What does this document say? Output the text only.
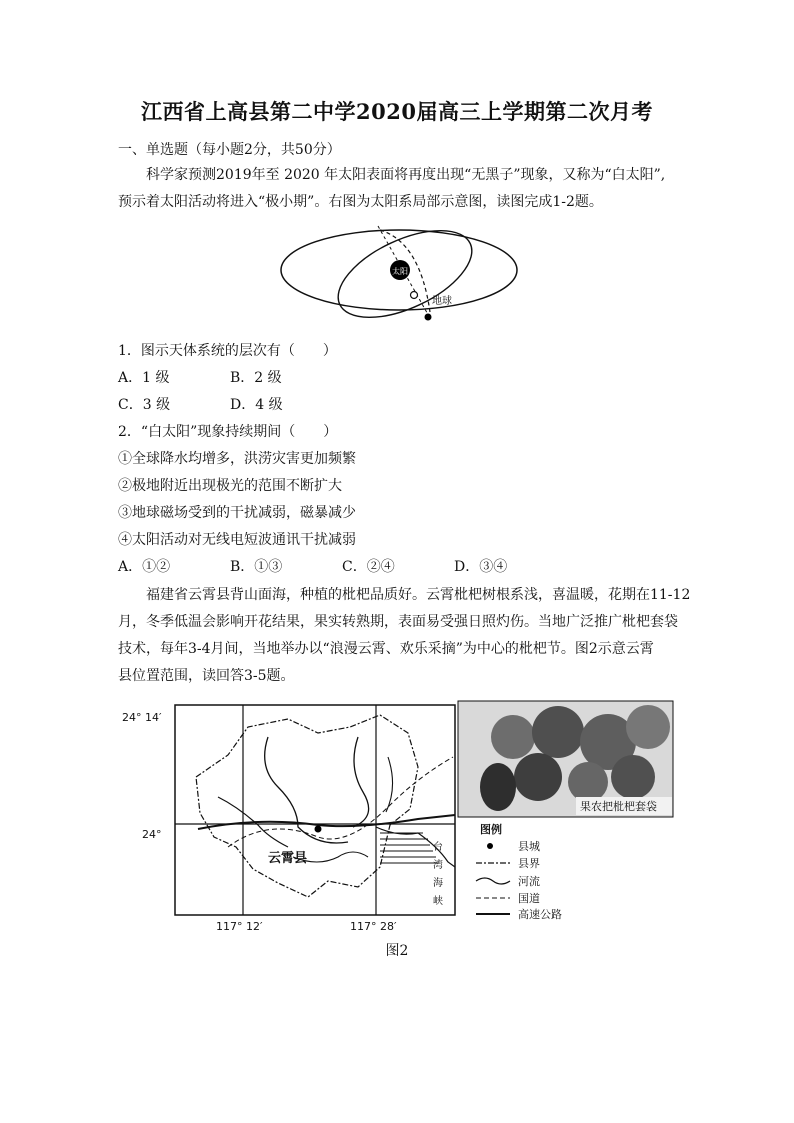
江西省上高县第二中学2020届高三上学期第二次月考
一、单选题（每小题2分，共50分）
科学家预测2019年至 2020 年太阳表面将再度出现“无黑子”现象，又称为“白太阳”,
预示着太阳活动将进入“极小期”。右图为太阳系局部示意图，读图完成1-2题。
太阳
地球
1．图示天体系统的层次有（　　）
A．1 级	B．2 级
C．3 级	D．4 级
2．“白太阳”现象持续期间（　　）
①全球降水均增多，洪涝灾害更加频繁
②极地附近出现极光的范围不断扩大
③地球磁场受到的干扰减弱，磁暴减少
④太阳活动对无线电短波通讯干扰减弱
A．①②	B．①③	C．②④	D．③④
福建省云霄县背山面海，种植的枇杷品质好。云霄枇杷树根系浅，喜温暖，花期在11-12
月，冬季低温会影响开花结果，果实转熟期，表面易受强日照灼伤。当地广泛推广枇杷套袋
技术，每年3-4月间，当地举办以“浪漫云霄、欢乐采摘”为中心的枇杷节。图2示意云霄
县位置范围，读回答3-5题。
24° 14′
24°
117° 12′	117° 28′
云霄县
台
湾
海
峡
果农把枇杷套袋
图例
县城
县界
河流
国道
高速公路
图2
